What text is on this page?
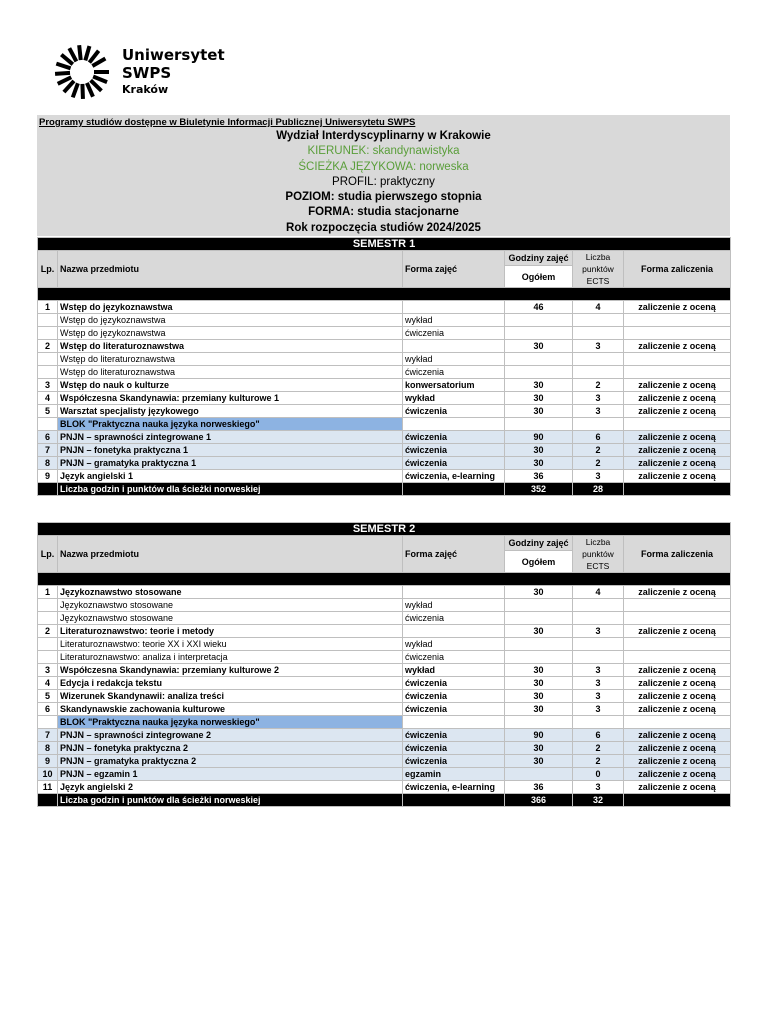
Uniwersytet
SWPS
Kraków
Programy studiów dostępne w Biuletynie Informacji Publicznej Uniwersytetu SWPS
Wydział Interdyscyplinarny w Krakowie
KIERUNEK: skandynawistyka
ŚCIEŻKA JĘZYKOWA: norweska
PROFIL: praktyczny
POZIOM: studia pierwszego stopnia
FORMA: studia stacjonarne
Rok rozpoczęcia studiów 2024/2025
SEMESTR 1					
Lp.	Nazwa przedmiotu	Forma zajęć	Godziny zajęć	Liczba punktów ECTS	Forma zaliczenia
			Ogółem		

1	Wstęp do językoznawstwa		46	4	zaliczenie z oceną
	Wstęp do językoznawstwa	wykład			
	Wstęp do językoznawstwa	ćwiczenia			
2	Wstęp do literaturoznawstwa		30	3	zaliczenie z oceną
	Wstęp do literaturoznawstwa	wykład			
	Wstęp do literaturoznawstwa	ćwiczenia			
3	Wstęp do nauk o kulturze	konwersatorium	30	2	zaliczenie z oceną
4	Współczesna Skandynawia: przemiany kulturowe 1	wykład	30	3	zaliczenie z oceną
5	Warsztat specjalisty językowego	ćwiczenia	30	3	zaliczenie z oceną
	BLOK "Praktyczna nauka języka norweskiego"				
6	PNJN – sprawności zintegrowane 1	ćwiczenia	90	6	zaliczenie z oceną
7	PNJN – fonetyka praktyczna 1	ćwiczenia	30	2	zaliczenie z oceną
8	PNJN – gramatyka praktyczna 1	ćwiczenia	30	2	zaliczenie z oceną
9	Język angielski 1	ćwiczenia, e-learning	36	3	zaliczenie z oceną
	Liczba godzin i punktów dla ścieżki norweskiej		352	28	
SEMESTR 2					
Lp.	Nazwa przedmiotu	Forma zajęć	Godziny zajęć	Liczba punktów ECTS	Forma zaliczenia
			Ogółem		

1	Językoznawstwo stosowane		30	4	zaliczenie z oceną
	Językoznawstwo stosowane	wykład			
	Językoznawstwo stosowane	ćwiczenia			
2	Literaturoznawstwo: teorie i metody		30	3	zaliczenie z oceną
	Literaturoznawstwo: teorie XX i XXI wieku	wykład			
	Literaturoznawstwo: analiza i interpretacja	ćwiczenia			
3	Współczesna Skandynawia: przemiany kulturowe 2	wykład	30	3	zaliczenie z oceną
4	Edycja i redakcja tekstu	ćwiczenia	30	3	zaliczenie z oceną
5	Wizerunek Skandynawii: analiza treści	ćwiczenia	30	3	zaliczenie z oceną
6	Skandynawskie zachowania kulturowe	ćwiczenia	30	3	zaliczenie z oceną
	BLOK "Praktyczna nauka języka norweskiego"				
7	PNJN – sprawności zintegrowane 2	ćwiczenia	90	6	zaliczenie z oceną
8	PNJN – fonetyka praktyczna 2	ćwiczenia	30	2	zaliczenie z oceną
9	PNJN – gramatyka praktyczna 2	ćwiczenia	30	2	zaliczenie z oceną
10	PNJN – egzamin 1	egzamin		0	zaliczenie z oceną
11	Język angielski 2	ćwiczenia, e-learning	36	3	zaliczenie z oceną
	Liczba godzin i punktów dla ścieżki norweskiej		366	32	
